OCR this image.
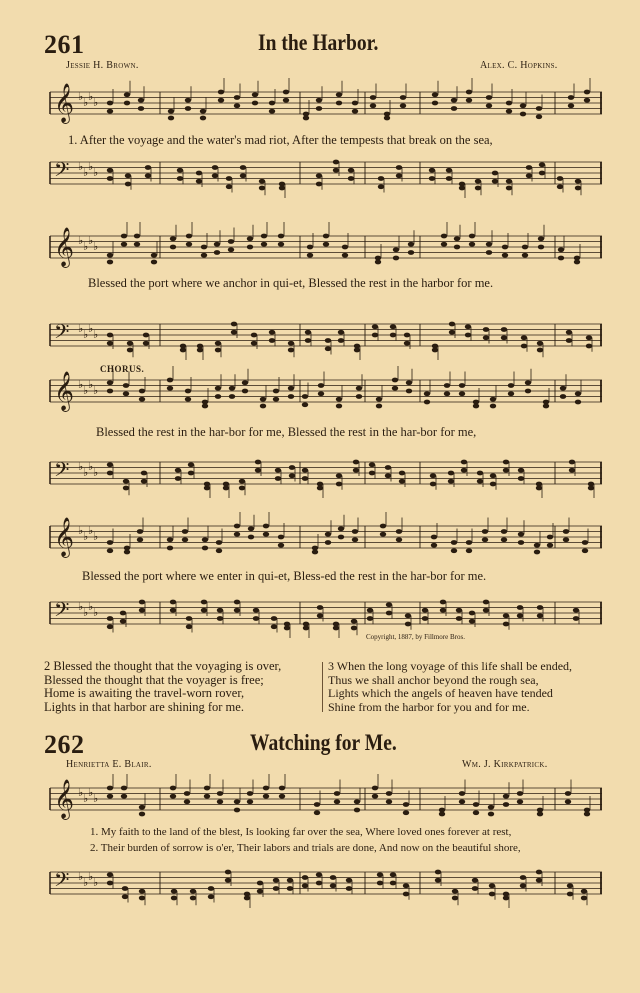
261	In the Harbor.
Jessie H. Brown.	Alex. C. Hopkins.
𝄞 ♭ ♭ ♭ ♭
𝄢 ♭ ♭ ♭ ♭
1. After the voyage and the water's mad riot, After the tempests that break on the sea,
𝄞 ♭ ♭ ♭ ♭
𝄢 ♭ ♭ ♭ ♭
Blessed the port where we anchor in qui-et, Blessed the rest in the harbor for me.
CHORUS.
𝄞 ♭ ♭ ♭ ♭
𝄢 ♭ ♭ ♭ ♭
Blessed the rest in the har-bor for me, Blessed the rest in the har-bor for me,
𝄞 ♭ ♭ ♭ ♭
𝄢 ♭ ♭ ♭ ♭
Blessed the port where we enter in qui-et, Bless-ed the rest in the har-bor for me.
Copyright, 1887, by Fillmore Bros.
2 Blessed the thought that the voyaging is over,
Blessed the thought that the voyager is free;
Home is awaiting the travel-worn rover,
Lights in that harbor are shining for me.
3 When the long voyage of this life shall be ended,
Thus we shall anchor beyond the rough sea,
Lights which the angels of heaven have tended
Shine from the harbor for you and for me.
262	Watching for Me.
Henrietta E. Blair.	Wm. J. Kirkpatrick.
𝄞 ♭ ♭ ♭ ♭
𝄢 ♭ ♭ ♭ ♭
1. My faith to the land of the blest, Is looking far over the sea, Where loved ones forever at rest,
2. Their burden of sorrow is o'er, Their labors and trials are done, And now on the beautiful shore,
